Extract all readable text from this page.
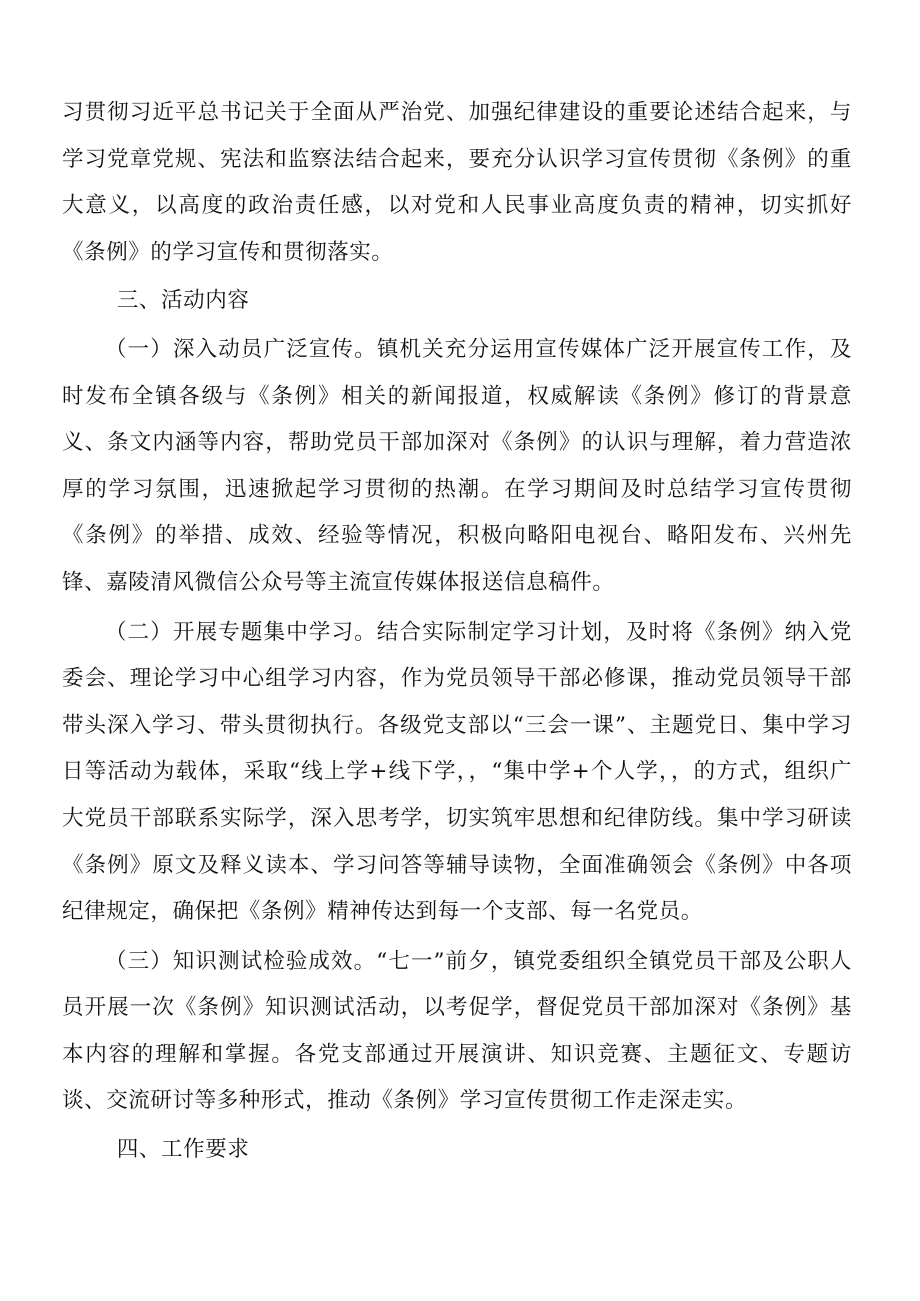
习贯彻习近平总书记关于全面从严治党、加强纪律建设的重要论述结合起来，与学习党章党规、宪法和监察法结合起来，要充分认识学习宣传贯彻《条例》的重大意义，以高度的政治责任感，以对党和人民事业高度负责的精神，切实抓好《条例》的学习宣传和贯彻落实。

三、活动内容

（一）深入动员广泛宣传。镇机关充分运用宣传媒体广泛开展宣传工作，及时发布全镇各级与《条例》相关的新闻报道，权威解读《条例》修订的背景意义、条文内涵等内容，帮助党员干部加深对《条例》的认识与理解，着力营造浓厚的学习氛围，迅速掀起学习贯彻的热潮。在学习期间及时总结学习宣传贯彻《条例》的举措、成效、经验等情况，积极向略阳电视台、略阳发布、兴州先锋、嘉陵清风微信公众号等主流宣传媒体报送信息稿件。

（二）开展专题集中学习。结合实际制定学习计划，及时将《条例》纳入党委会、理论学习中心组学习内容，作为党员领导干部必修课，推动党员领导干部带头深入学习、带头贯彻执行。各级党支部以“三会一课”、主题党日、集中学习日等活动为载体，采取“线上学+线下学，，“集中学+个人学，，的方式，组织广大党员干部联系实际学，深入思考学，切实筑牢思想和纪律防线。集中学习研读《条例》原文及释义读本、学习问答等辅导读物，全面准确领会《条例》中各项纪律规定，确保把《条例》精神传达到每一个支部、每一名党员。

（三）知识测试检验成效。“七一”前夕，镇党委组织全镇党员干部及公职人员开展一次《条例》知识测试活动，以考促学，督促党员干部加深对《条例》基本内容的理解和掌握。各党支部通过开展演讲、知识竞赛、主题征文、专题访谈、交流研讨等多种形式，推动《条例》学习宣传贯彻工作走深走实。

四、工作要求
